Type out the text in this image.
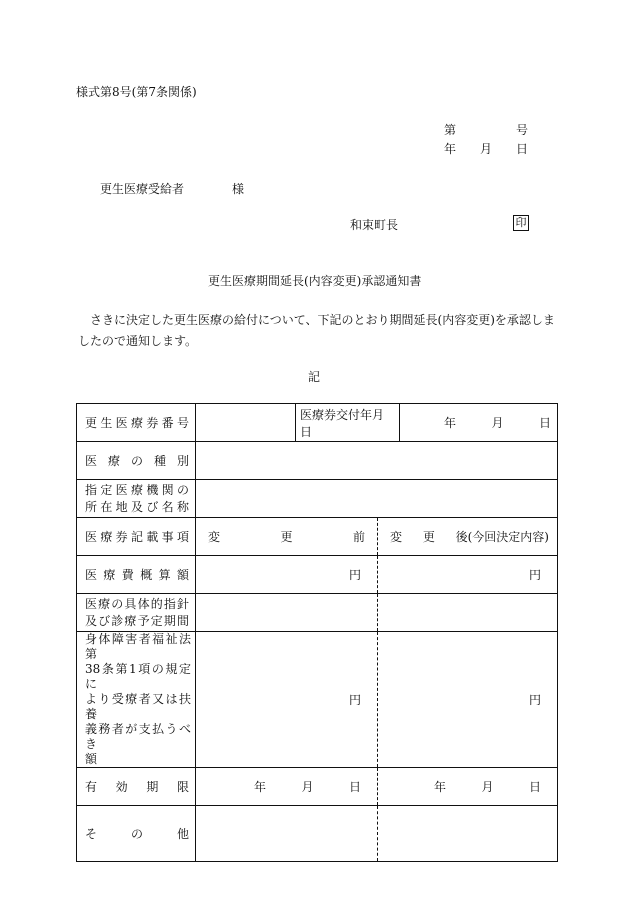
様式第8号(第7条関係)
第	号
年 月 日
更生医療受給者	様
和束町長	印
更生医療期間延長(内容変更)承認通知書
さきに決定した更生医療の給付について、下記のとおり期間延長(内容変更)を承認しましたので通知します。
記
更生医療券番号		医療券交付年月日		年 月 日

医療の種別				

指定医療機関の
所在地及び名称				

医療券記載事項	変 更 前		変 更 後(今回決定内容)	

医療費概算額	円		円	

医療の具体的指針
及び診療予定期間				

身体障害者福祉法第
38条第1項の規定に
より受療者又は扶養
義務者が支払うべき
額	円		円	

有効期限	年 月 日		年 月 日	

その他				
